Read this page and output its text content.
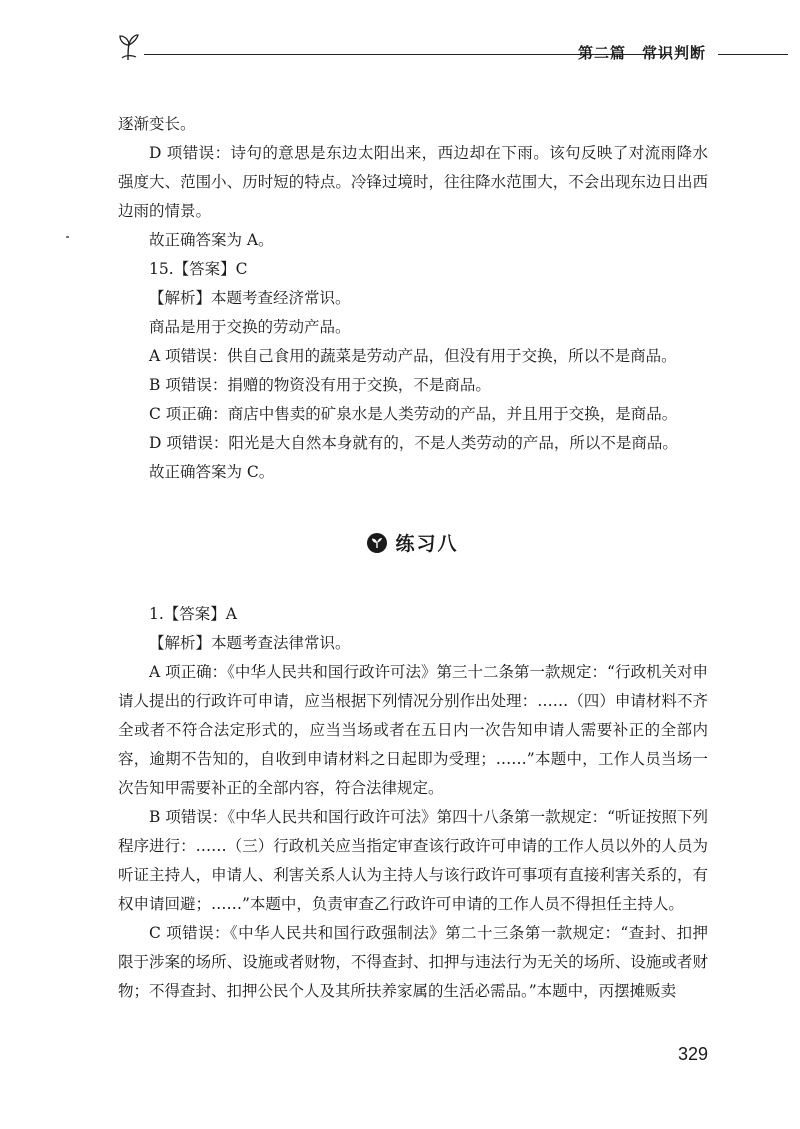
第二篇　常识判断

逐渐变长。

D 项错误：诗句的意思是东边太阳出来，西边却在下雨。该句反映了对流雨降水强度大、范围小、历时短的特点。冷锋过境时，往往降水范围大，不会出现东边日出西边雨的情景。

故正确答案为 A。

15.【答案】C

【解析】本题考查经济常识。

商品是用于交换的劳动产品。

A 项错误：供自己食用的蔬菜是劳动产品，但没有用于交换，所以不是商品。

B 项错误：捐赠的物资没有用于交换，不是商品。

C 项正确：商店中售卖的矿泉水是人类劳动的产品，并且用于交换，是商品。

D 项错误：阳光是大自然本身就有的，不是人类劳动的产品，所以不是商品。

故正确答案为 C。

练习八

1.【答案】A

【解析】本题考查法律常识。

A 项正确：《中华人民共和国行政许可法》第三十二条第一款规定：“行政机关对申请人提出的行政许可申请，应当根据下列情况分别作出处理：……（四）申请材料不齐全或者不符合法定形式的，应当当场或者在五日内一次告知申请人需要补正的全部内容，逾期不告知的，自收到申请材料之日起即为受理；……”本题中，工作人员当场一次告知甲需要补正的全部内容，符合法律规定。

B 项错误：《中华人民共和国行政许可法》第四十八条第一款规定：“听证按照下列程序进行：……（三）行政机关应当指定审查该行政许可申请的工作人员以外的人员为听证主持人，申请人、利害关系人认为主持人与该行政许可事项有直接利害关系的，有权申请回避；……”本题中，负责审查乙行政许可申请的工作人员不得担任主持人。

C 项错误：《中华人民共和国行政强制法》第二十三条第一款规定：“查封、扣押限于涉案的场所、设施或者财物，不得查封、扣押与违法行为无关的场所、设施或者财物；不得查封、扣押公民个人及其所扶养家属的生活必需品。”本题中，丙摆摊贩卖

329
